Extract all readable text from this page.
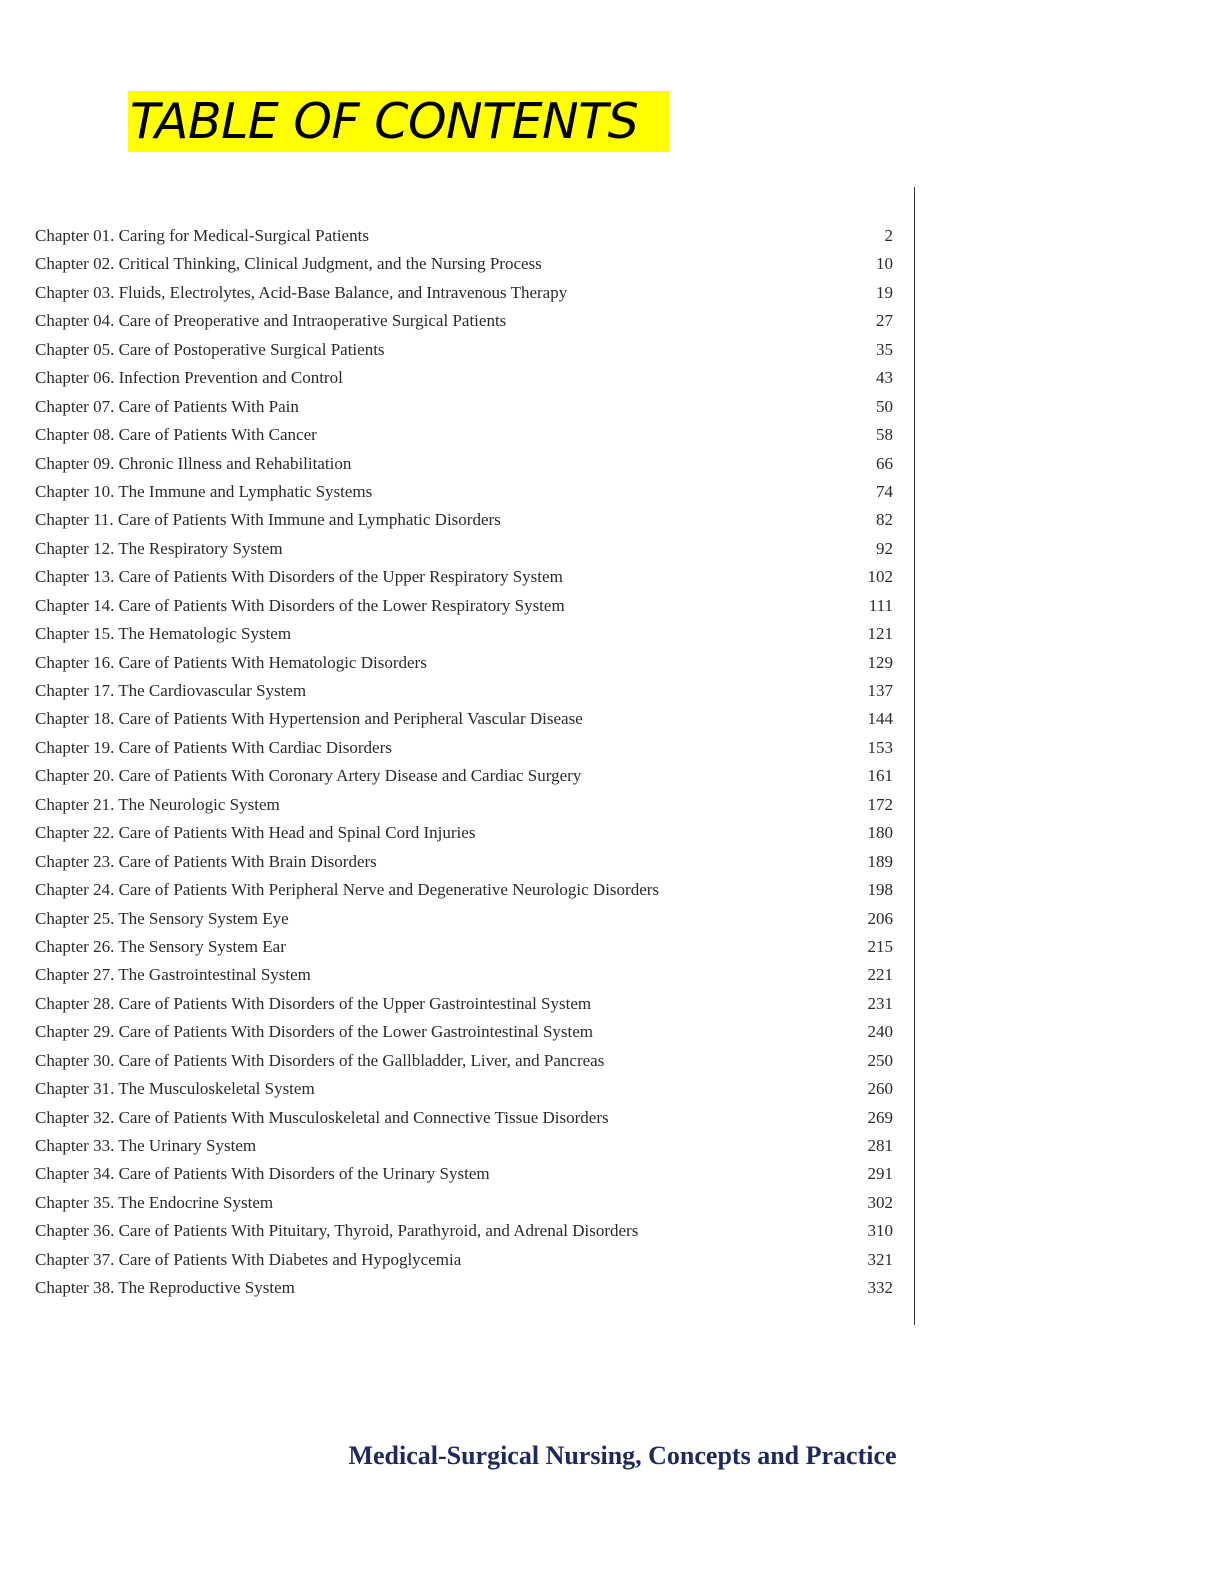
TABLE OF CONTENTS
Chapter 01. Caring for Medical-Surgical Patients	2
Chapter 02. Critical Thinking, Clinical Judgment, and the Nursing Process	10
Chapter 03. Fluids, Electrolytes, Acid-Base Balance, and Intravenous Therapy	19
Chapter 04. Care of Preoperative and Intraoperative Surgical Patients	27
Chapter 05. Care of Postoperative Surgical Patients	35
Chapter 06. Infection Prevention and Control	43
Chapter 07. Care of Patients With Pain	50
Chapter 08. Care of Patients With Cancer	58
Chapter 09. Chronic Illness and Rehabilitation	66
Chapter 10. The Immune and Lymphatic Systems	74
Chapter 11. Care of Patients With Immune and Lymphatic Disorders	82
Chapter 12. The Respiratory System	92
Chapter 13. Care of Patients With Disorders of the Upper Respiratory System	102
Chapter 14. Care of Patients With Disorders of the Lower Respiratory System	111
Chapter 15. The Hematologic System	121
Chapter 16. Care of Patients With Hematologic Disorders	129
Chapter 17. The Cardiovascular System	137
Chapter 18. Care of Patients With Hypertension and Peripheral Vascular Disease	144
Chapter 19. Care of Patients With Cardiac Disorders	153
Chapter 20. Care of Patients With Coronary Artery Disease and Cardiac Surgery	161
Chapter 21. The Neurologic System	172
Chapter 22. Care of Patients With Head and Spinal Cord Injuries	180
Chapter 23. Care of Patients With Brain Disorders	189
Chapter 24. Care of Patients With Peripheral Nerve and Degenerative Neurologic Disorders	198
Chapter 25. The Sensory System Eye	206
Chapter 26. The Sensory System Ear	215
Chapter 27. The Gastrointestinal System	221
Chapter 28. Care of Patients With Disorders of the Upper Gastrointestinal System	231
Chapter 29. Care of Patients With Disorders of the Lower Gastrointestinal System	240
Chapter 30. Care of Patients With Disorders of the Gallbladder, Liver, and Pancreas	250
Chapter 31. The Musculoskeletal System	260
Chapter 32. Care of Patients With Musculoskeletal and Connective Tissue Disorders	269
Chapter 33. The Urinary System	281
Chapter 34. Care of Patients With Disorders of the Urinary System	291
Chapter 35. The Endocrine System	302
Chapter 36. Care of Patients With Pituitary, Thyroid, Parathyroid, and Adrenal Disorders	310
Chapter 37. Care of Patients With Diabetes and Hypoglycemia	321
Chapter 38. The Reproductive System	332
Medical-Surgical Nursing, Concepts and Practice
